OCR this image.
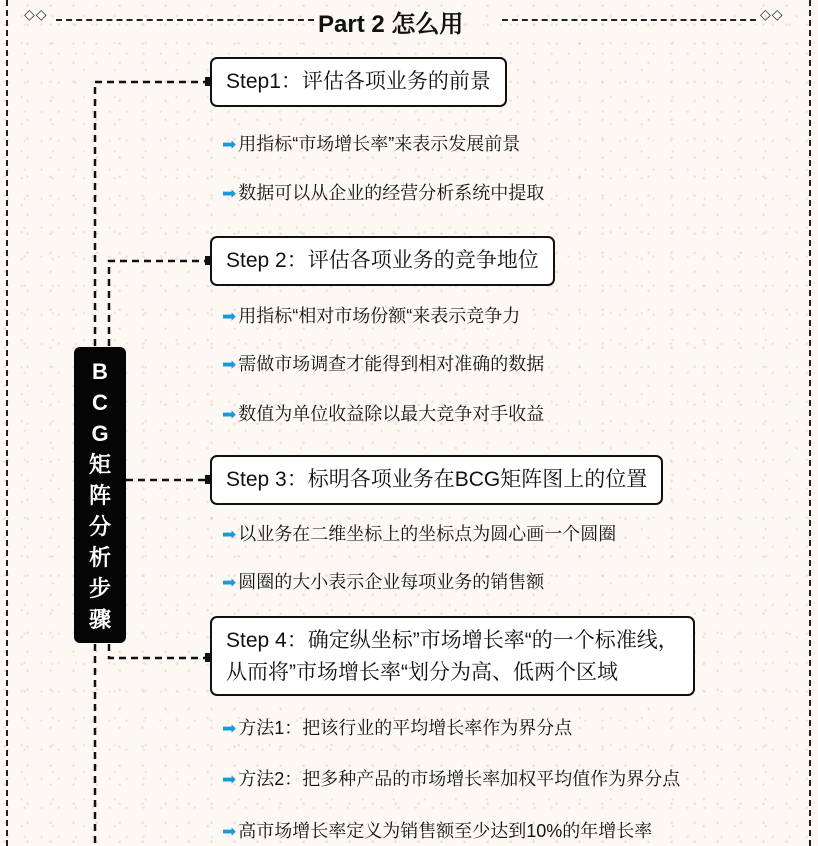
◇◇	Part 2 怎么用	◇◇
B
C
G
矩
阵
分
析
步
骤
Step1：评估各项业务的前景
➡ 用指标“市场增长率”来表示发展前景
➡ 数据可以从企业的经营分析系统中提取
Step 2：评估各项业务的竞争地位
➡ 用指标“相对市场份额“来表示竞争力
➡ 需做市场调查才能得到相对准确的数据
➡ 数值为单位收益除以最大竞争对手收益
Step 3：标明各项业务在BCG矩阵图上的位置
➡ 以业务在二维坐标上的坐标点为圆心画一个圆圈
➡ 圆圈的大小表示企业每项业务的销售额
Step 4：确定纵坐标”市场增长率“的一个标准线，
从而将”市场增长率“划分为高、低两个区域
➡ 方法1：把该行业的平均增长率作为界分点
➡ 方法2：把多种产品的市场增长率加权平均值作为界分点
➡ 高市场增长率定义为销售额至少达到10%的年增长率
